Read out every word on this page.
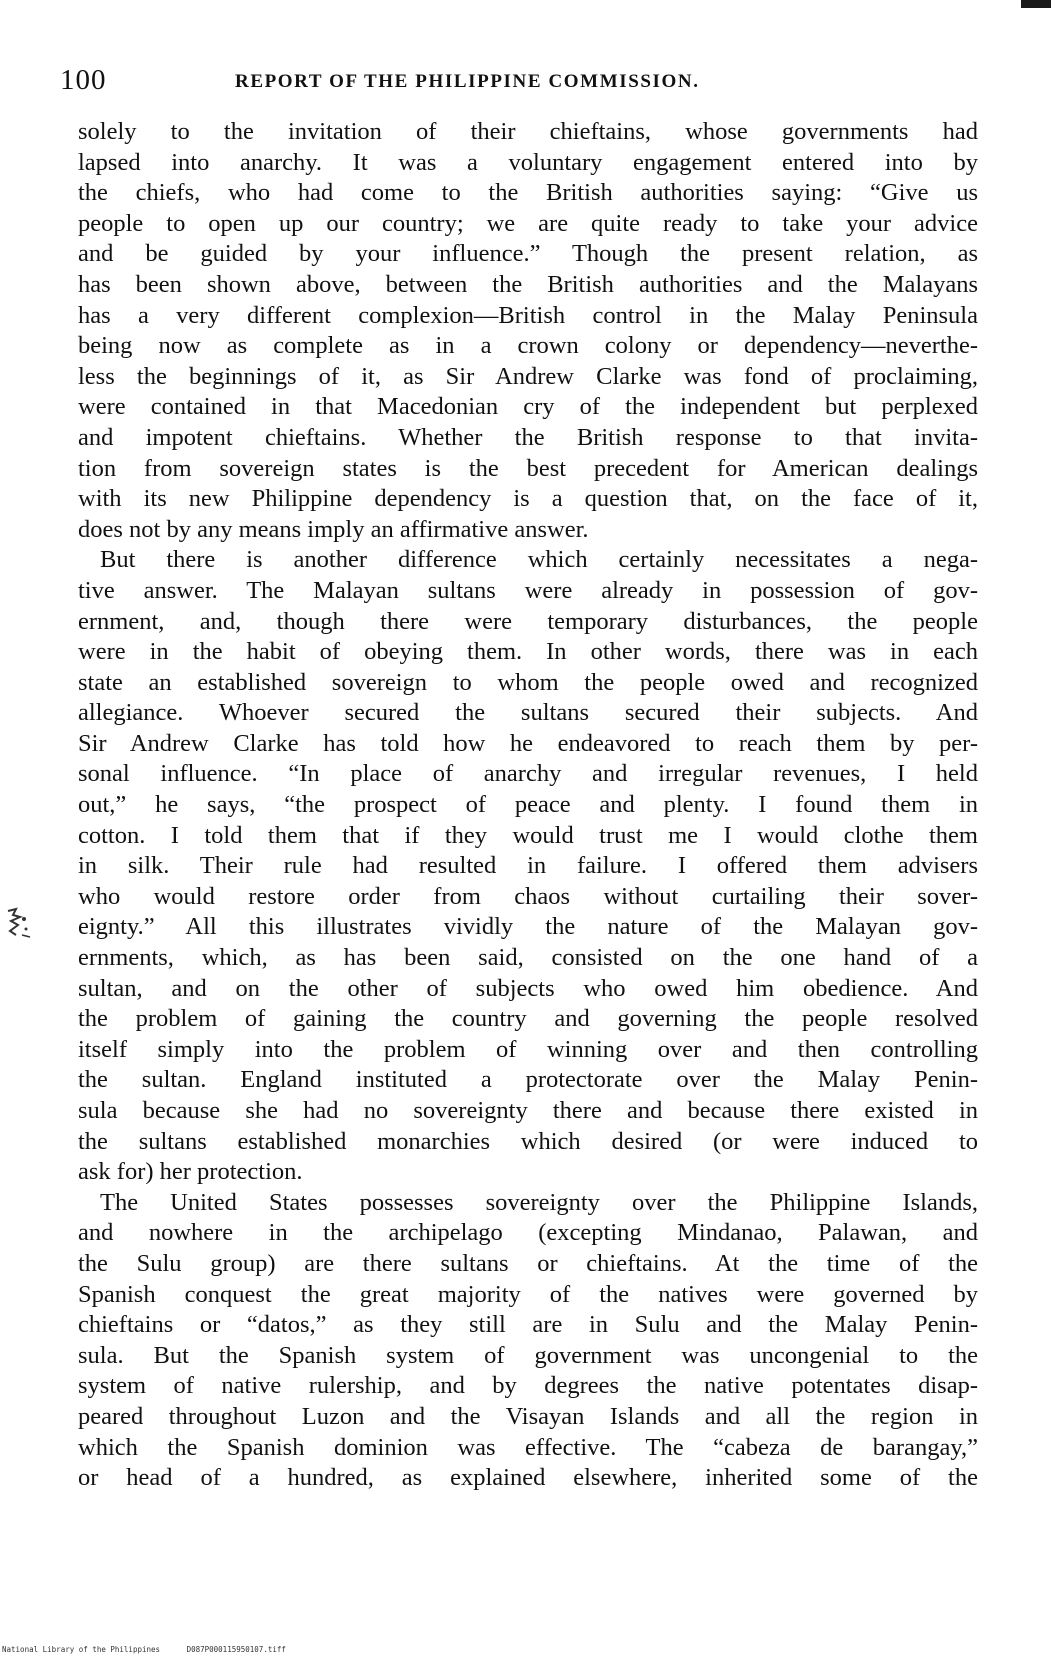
100	REPORT OF THE PHILIPPINE COMMISSION.
solely to the invitation of their chieftains, whose governments had
lapsed into anarchy. It was a voluntary engagement entered into by
the chiefs, who had come to the British authorities saying: “Give us
people to open up our country; we are quite ready to take your advice
and be guided by your influence.” Though the present relation, as
has been shown above, between the British authorities and the Malayans
has a very different complexion—British control in the Malay Peninsula
being now as complete as in a crown colony or dependency—neverthe-
less the beginnings of it, as Sir Andrew Clarke was fond of proclaiming,
were contained in that Macedonian cry of the independent but perplexed
and impotent chieftains. Whether the British response to that invita-
tion from sovereign states is the best precedent for American dealings
with its new Philippine dependency is a question that, on the face of it,
does not by any means imply an affirmative answer.
But there is another difference which certainly necessitates a nega-
tive answer. The Malayan sultans were already in possession of gov-
ernment, and, though there were temporary disturbances, the people
were in the habit of obeying them. In other words, there was in each
state an established sovereign to whom the people owed and recognized
allegiance. Whoever secured the sultans secured their subjects. And
Sir Andrew Clarke has told how he endeavored to reach them by per-
sonal influence. “In place of anarchy and irregular revenues, I held
out,” he says, “the prospect of peace and plenty. I found them in
cotton. I told them that if they would trust me I would clothe them
in silk. Their rule had resulted in failure. I offered them advisers
who would restore order from chaos without curtailing their sover-
eignty.” All this illustrates vividly the nature of the Malayan gov-
ernments, which, as has been said, consisted on the one hand of a
sultan, and on the other of subjects who owed him obedience. And
the problem of gaining the country and governing the people resolved
itself simply into the problem of winning over and then controlling
the sultan. England instituted a protectorate over the Malay Penin-
sula because she had no sovereignty there and because there existed in
the sultans established monarchies which desired (or were induced to
ask for) her protection.
The United States possesses sovereignty over the Philippine Islands,
and nowhere in the archipelago (excepting Mindanao, Palawan, and
the Sulu group) are there sultans or chieftains. At the time of the
Spanish conquest the great majority of the natives were governed by
chieftains or “datos,” as they still are in Sulu and the Malay Penin-
sula. But the Spanish system of government was uncongenial to the
system of native rulership, and by degrees the native potentates disap-
peared throughout Luzon and the Visayan Islands and all the region in
which the Spanish dominion was effective. The “cabeza de barangay,”
or head of a hundred, as explained elsewhere, inherited some of the
National Library of the Philippines	D087P000115950107.tiff
